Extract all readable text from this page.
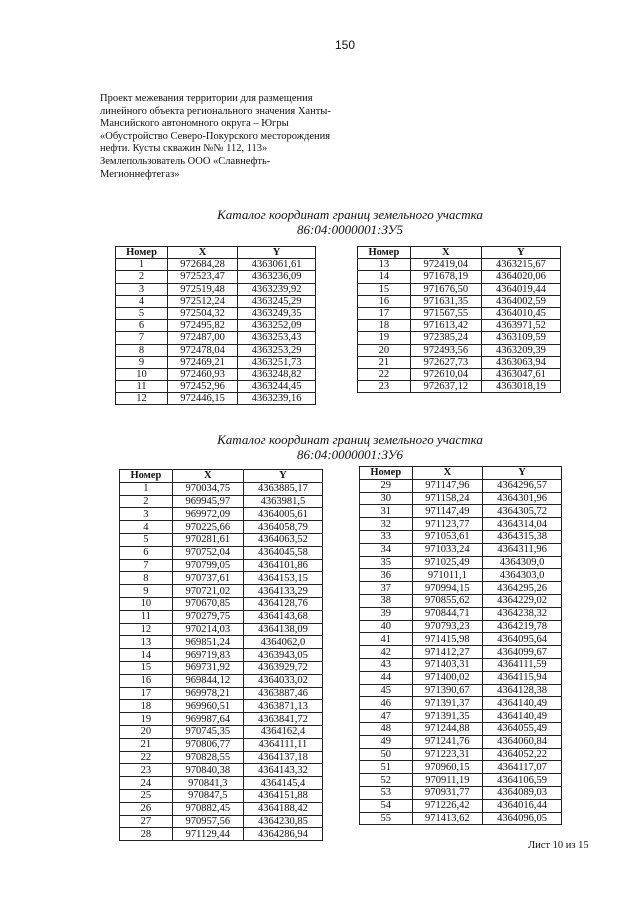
150
Проект межевания территории для размещения
линейного объекта регионального значения Ханты-
Мансийского автономного округа – Югры
«Обустройство Северо-Покурского месторождения
нефти. Кусты скважин №№ 112, 113»
Землепользователь ООО «Славнефть-
Мегионнефтегаз»
Каталог координат границ земельного участка
86:04:0000001:ЗУ5
Номер	X	Y
1	972684,28	4363061,61
2	972523,47	4363236,09
3	972519,48	4363239,92
4	972512,24	4363245,29
5	972504,32	4363249,35
6	972495,82	4363252,09
7	972487,00	4363253,43
8	972478,04	4363253,29
9	972469,21	4363251,73
10	972460,93	4363248,82
11	972452,96	4363244,45
12	972446,15	4363239,16
Номер	X	Y
13	972419,04	4363215,67
14	971678,19	4364020,06
15	971676,50	4364019,44
16	971631,35	4364002,59
17	971567,55	4364010,45
18	971613,42	4363971,52
19	972385,24	4363109,59
20	972493,56	4363209,39
21	972627,73	4363063,94
22	972610,04	4363047,61
23	972637,12	4363018,19
Каталог координат границ земельного участка
86:04:0000001:ЗУ6
Номер	X	Y
1	970034,75	4363885,17
2	969945,97	4363981,5
3	969972,09	4364005,61
4	970225,66	4364058,79
5	970281,61	4364063,52
6	970752,04	4364045,58
7	970799,05	4364101,86
8	970737,61	4364153,15
9	970721,02	4364133,29
10	970670,85	4364128,76
11	970279,75	4364143,68
12	970214,03	4364138,09
13	969851,24	4364062,0
14	969719,83	4363943,05
15	969731,92	4363929,72
16	969844,12	4364033,02
17	969978,21	4363887,46
18	969960,51	4363871,13
19	969987,64	4363841,72
20	970745,35	4364162,4
21	970806,77	4364111,11
22	970828,55	4364137,18
23	970840,38	4364143,32
24	970841,3	4364145,4
25	970847,5	4364151,88
26	970882,45	4364188,42
27	970957,56	4364230,85
28	971129,44	4364286,94
Номер	X	Y
29	971147,96	4364296,57
30	971158,24	4364301,96
31	971147,49	4364305,72
32	971123,77	4364314,04
33	971053,61	4364315,38
34	971033,24	4364311,96
35	971025,49	4364309,0
36	971011,1	4364303,0
37	970994,15	4364295,26
38	970855,62	4364229,02
39	970844,71	4364238,32
40	970793,23	4364219,78
41	971415,98	4364095,64
42	971412,27	4364099,67
43	971403,31	4364111,59
44	971400,02	4364115,94
45	971390,67	4364128,38
46	971391,37	4364140,49
47	971391,35	4364140,49
48	971244,88	4364055,49
49	971241,76	4364060,84
50	971223,31	4364052,22
51	970960,15	4364117,07
52	970911,19	4364106,59
53	970931,77	4364089,03
54	971226,42	4364016,44
55	971413,62	4364096,05
Лист 10 из 15
